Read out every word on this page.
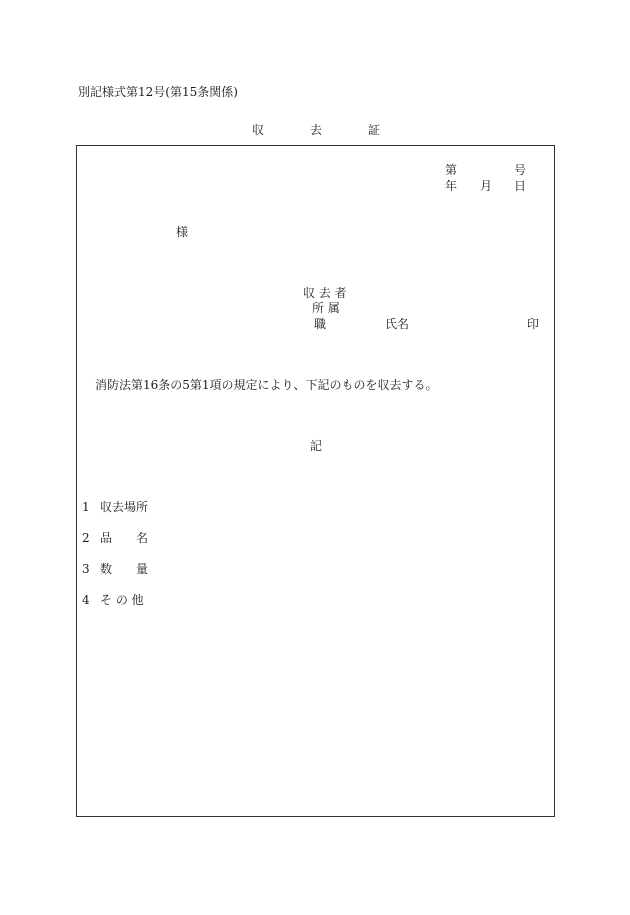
別記様式第12号(第15条関係)
収	去	証
第	号
年 月 日
様
収 去 者
所 属
職	氏名	印
消防法第16条の5第1項の規定により、下記のものを収去する。
記
1 収去場所
2 品 名
3 数 量
4 そ の 他
